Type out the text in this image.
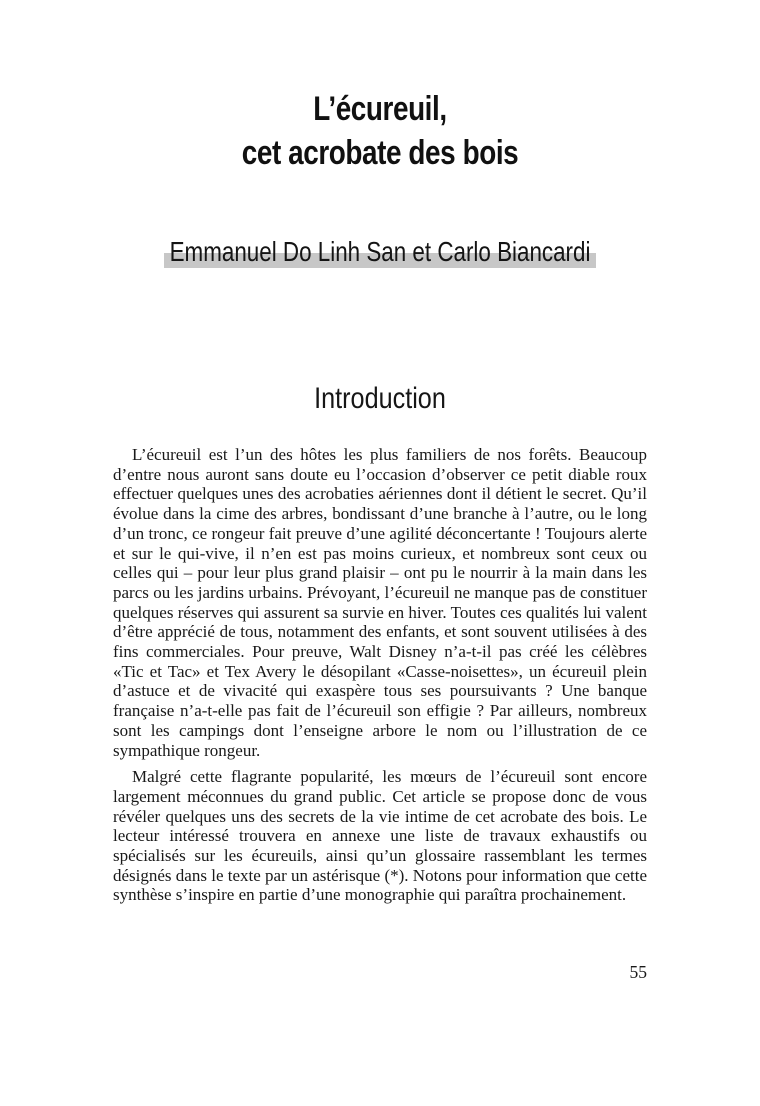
L’écureuil,
cet acrobate des bois
Emmanuel Do Linh San et Carlo Biancardi
Introduction

L’écureuil est l’un des hôtes les plus familiers de nos forêts. Beaucoup d’entre nous auront sans doute eu l’occasion d’observer ce petit diable roux effectuer quelques unes des acrobaties aériennes dont il détient le secret. Qu’il évolue dans la cime des arbres, bondissant d’une branche à l’autre, ou le long d’un tronc, ce rongeur fait preuve d’une agilité déconcertante ! Toujours alerte et sur le qui-vive, il n’en est pas moins curieux, et nombreux sont ceux ou celles qui – pour leur plus grand plaisir – ont pu le nourrir à la main dans les parcs ou les jardins urbains. Prévoyant, l’écureuil ne manque pas de constituer quelques réserves qui assurent sa survie en hiver. Toutes ces qualités lui valent d’être apprécié de tous, notamment des enfants, et sont souvent utilisées à des fins commerciales. Pour preuve, Walt Disney n’a-t-il pas créé les célèbres «Tic et Tac» et Tex Avery le désopilant «Casse-noisettes», un écureuil plein d’astuce et de vivacité qui exaspère tous ses poursuivants ? Une banque française n’a-t-elle pas fait de l’écureuil son effigie ? Par ailleurs, nombreux sont les campings dont l’enseigne arbore le nom ou l’illustration de ce sympathique rongeur.

Malgré cette flagrante popularité, les mœurs de l’écureuil sont encore largement méconnues du grand public. Cet article se propose donc de vous révéler quelques uns des secrets de la vie intime de cet acrobate des bois. Le lecteur intéressé trouvera en annexe une liste de travaux exhaustifs ou spécialisés sur les écureuils, ainsi qu’un glossaire rassemblant les termes désignés dans le texte par un astérisque (*). Notons pour information que cette synthèse s’inspire en partie d’une monographie qui paraîtra prochainement.

55
